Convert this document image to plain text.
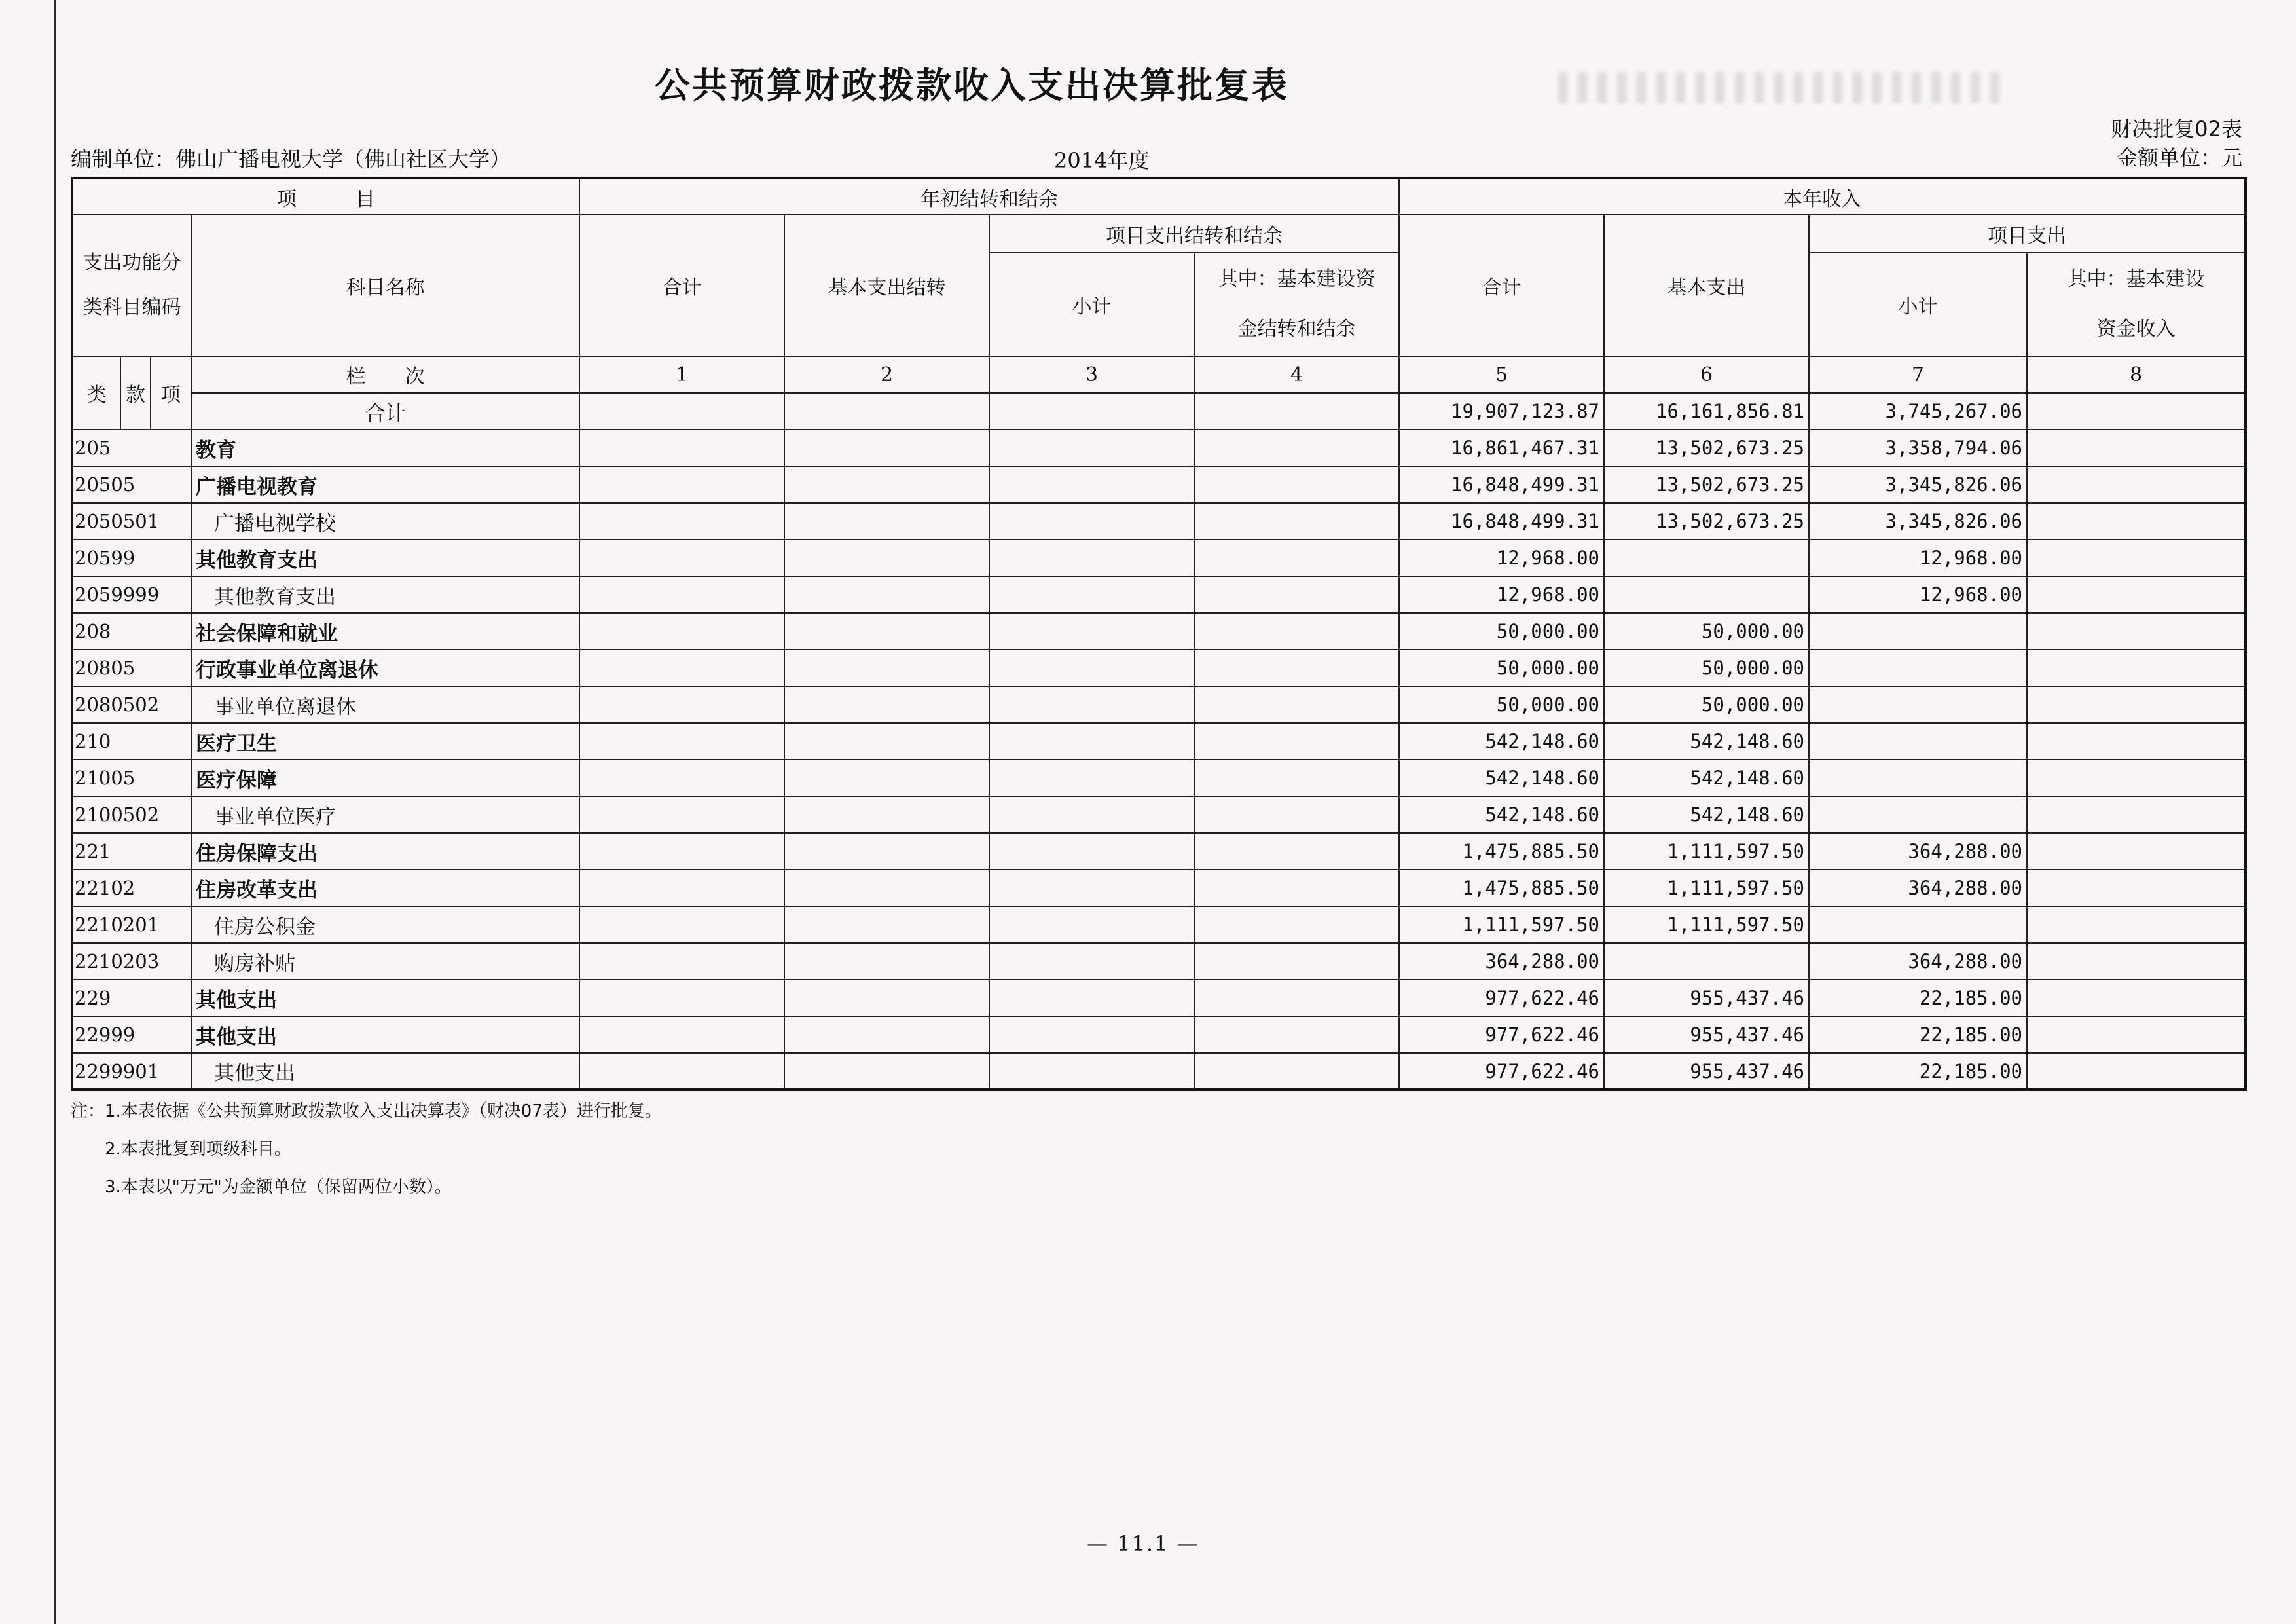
公共预算财政拨款收入支出决算批复表
财决批复02表
金额单位：元
编制单位：佛山广播电视大学（佛山社区大学）	2014年度
项　　　目				年初结转和结余				本年收入			
支出功能分类科目编码			科目名称	合计	基本支出结转	项目支出结转和结余		合计	基本支出	项目支出	
						小计	其中：基本建设资金结转和结余			小计	其中：基本建设资金收入
类	款	项	栏　　次	1	2	3	4	5	6	7	8
			合计					19,907,123.87	16,161,856.81	3,745,267.06	
205			教育					16,861,467.31	13,502,673.25	3,358,794.06	
20505			广播电视教育					16,848,499.31	13,502,673.25	3,345,826.06	
2050501			广播电视学校					16,848,499.31	13,502,673.25	3,345,826.06	
20599			其他教育支出					12,968.00		12,968.00	
2059999			其他教育支出					12,968.00		12,968.00	
208			社会保障和就业					50,000.00	50,000.00		
20805			行政事业单位离退休					50,000.00	50,000.00		
2080502			事业单位离退休					50,000.00	50,000.00		
210			医疗卫生					542,148.60	542,148.60		
21005			医疗保障					542,148.60	542,148.60		
2100502			事业单位医疗					542,148.60	542,148.60		
221			住房保障支出					1,475,885.50	1,111,597.50	364,288.00	
22102			住房改革支出					1,475,885.50	1,111,597.50	364,288.00	
2210201			住房公积金					1,111,597.50	1,111,597.50		
2210203			购房补贴					364,288.00		364,288.00	
229			其他支出					977,622.46	955,437.46	22,185.00	
22999			其他支出					977,622.46	955,437.46	22,185.00	
2299901			其他支出					977,622.46	955,437.46	22,185.00	
注：1.本表依据《公共预算财政拨款收入支出决算表》（财决07表）进行批复。
2.本表批复到项级科目。
3.本表以"万元"为金额单位（保留两位小数）。
— 11.1 —
